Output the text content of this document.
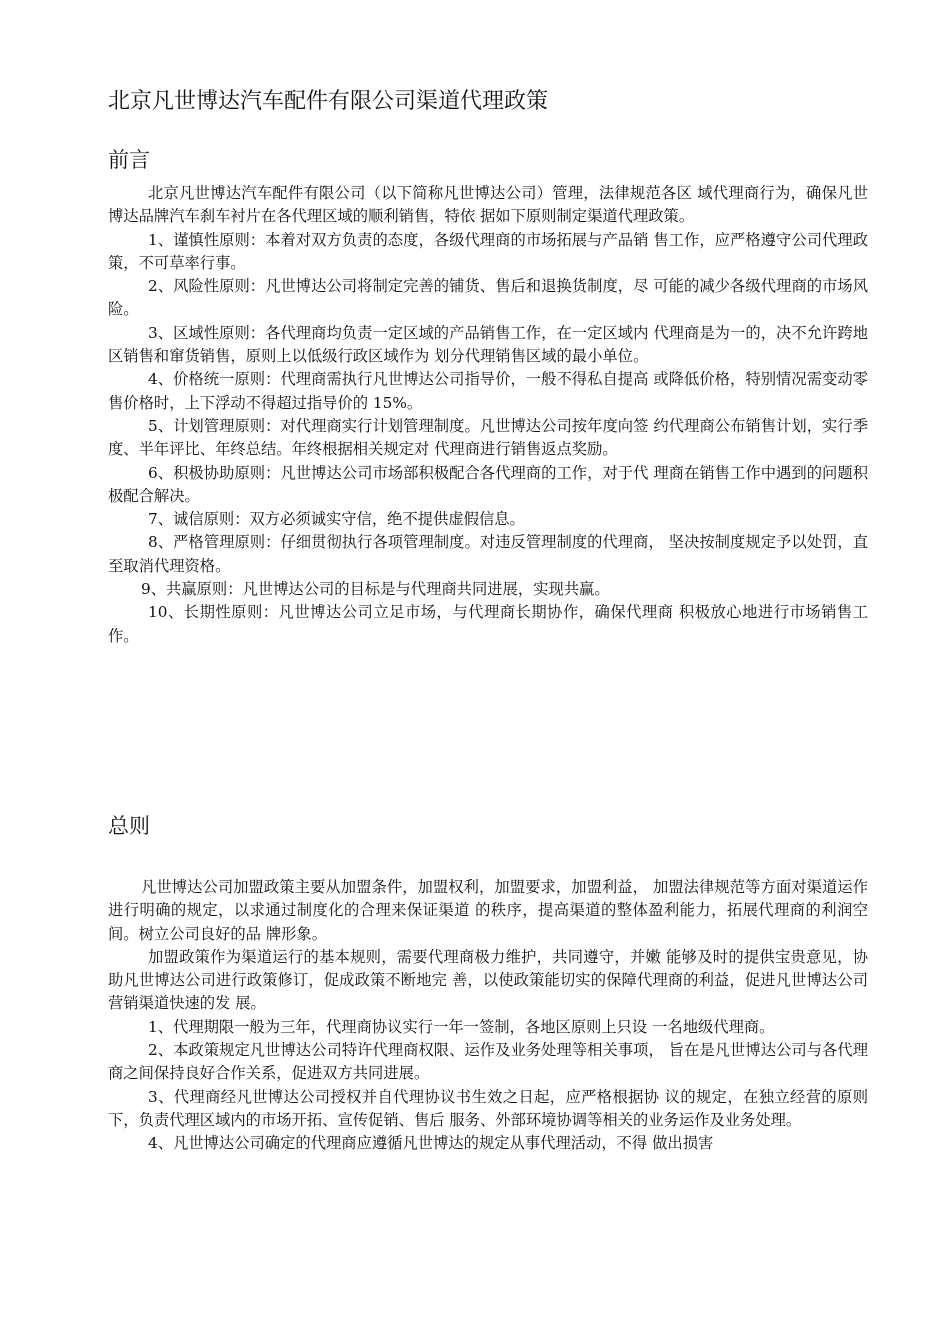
北京凡世博达汽车配件有限公司渠道代理政策
前言

北京凡世博达汽车配件有限公司（以下简称凡世博达公司）管理，法律规范各区 域代理商行为，确保凡世博达品牌汽车刹车衬片在各代理区域的顺利销售，特依 据如下原则制定渠道代理政策。

1、谨慎性原则：本着对双方负责的态度，各级代理商的市场拓展与产品销 售工作，应严格遵守公司代理政策，不可草率行事。

2、风险性原则：凡世博达公司将制定完善的铺货、售后和退换货制度，尽 可能的减少各级代理商的市场风险。

3、区域性原则：各代理商均负责一定区域的产品销售工作，在一定区域内 代理商是为一的，决不允许跨地区销售和窜货销售，原则上以低级行政区域作为 划分代理销售区域的最小单位。

4、价格统一原则：代理商需执行凡世博达公司指导价，一般不得私自提高 或降低价格，特别情况需变动零售价格时，上下浮动不得超过指导价的 15%。

5、计划管理原则：对代理商实行计划管理制度。凡世博达公司按年度向签 约代理商公布销售计划，实行季度、半年评比、年终总结。年终根据相关规定对 代理商进行销售返点奖励。

6、积极协助原则：凡世博达公司市场部积极配合各代理商的工作，对于代 理商在销售工作中遇到的问题积极配合解决。

7、诚信原则：双方必须诚实守信，绝不提供虚假信息。

8、严格管理原则：仔细贯彻执行各项管理制度。对违反管理制度的代理商， 坚决按制度规定予以处罚，直至取消代理资格。

9、共赢原则：凡世博达公司的目标是与代理商共同进展，实现共赢。

10、长期性原则：凡世博达公司立足市场，与代理商长期协作，确保代理商 积极放心地进行市场销售工作。

总则

凡世博达公司加盟政策主要从加盟条件，加盟权利，加盟要求，加盟利益， 加盟法律规范等方面对渠道运作进行明确的规定，以求通过制度化的合理来保证渠道 的秩序，提高渠道的整体盈利能力，拓展代理商的利润空间。树立公司良好的品 牌形象。

加盟政策作为渠道运行的基本规则，需要代理商极力维护，共同遵守，并嫩 能够及时的提供宝贵意见，协助凡世博达公司进行政策修订，促成政策不断地完 善，以使政策能切实的保障代理商的利益，促进凡世博达公司营销渠道快速的发 展。

1、代理期限一般为三年，代理商协议实行一年一签制，各地区原则上只设 一名地级代理商。

2、本政策规定凡世博达公司特许代理商权限、运作及业务处理等相关事项， 旨在是凡世博达公司与各代理商之间保持良好合作关系，促进双方共同进展。

3、代理商经凡世博达公司授权并自代理协议书生效之日起，应严格根据协 议的规定，在独立经营的原则下，负责代理区域内的市场开拓、宣传促销、售后 服务、外部环境协调等相关的业务运作及业务处理。

4、凡世博达公司确定的代理商应遵循凡世博达的规定从事代理活动，不得 做出损害
